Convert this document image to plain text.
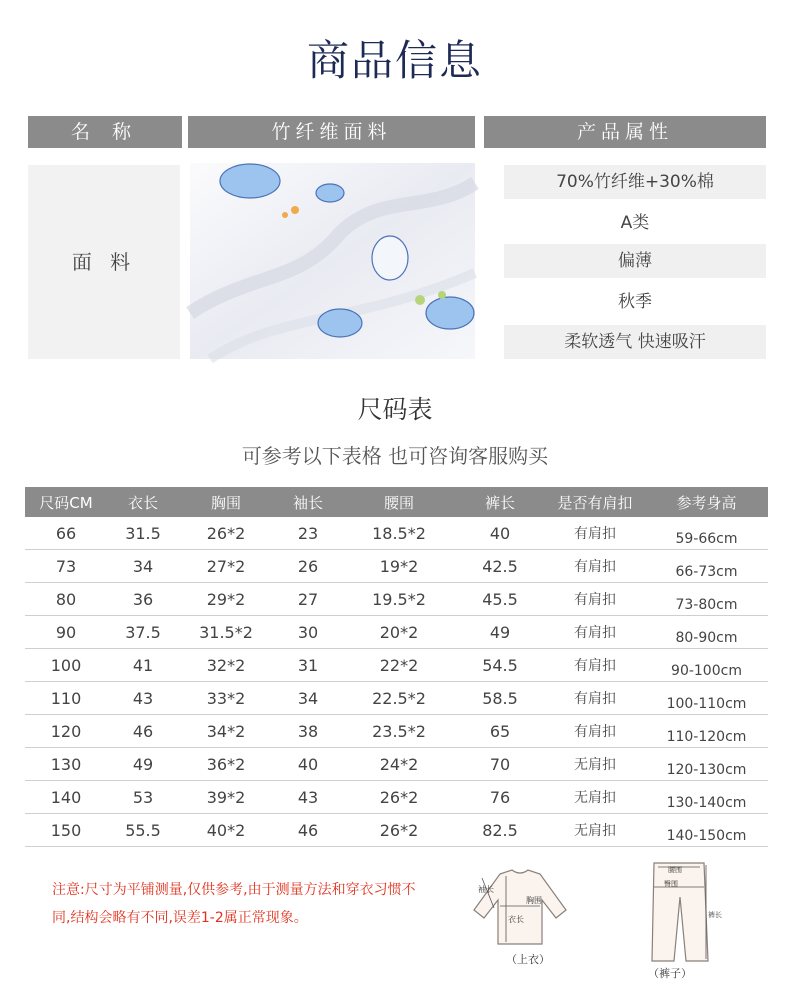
商品信息
名 称	竹纤维面料	产品属性
面 料
70%竹纤维+30%棉
A类
偏薄
秋季
柔软透气 快速吸汗
尺码表
可参考以下表格 也可咨询客服购买
尺码CM	衣长	胸围	袖长	腰围	裤长	是否有肩扣	参考身高
66	31.5	26*2	23	18.5*2	40	有肩扣	59-66cm
73	34	27*2	26	19*2	42.5	有肩扣	66-73cm
80	36	29*2	27	19.5*2	45.5	有肩扣	73-80cm
90	37.5	31.5*2	30	20*2	49	有肩扣	80-90cm
100	41	32*2	31	22*2	54.5	有肩扣	90-100cm
110	43	33*2	34	22.5*2	58.5	有肩扣	100-110cm
120	46	34*2	38	23.5*2	65	有肩扣	110-120cm
130	49	36*2	40	24*2	70	无肩扣	120-130cm
140	53	39*2	43	26*2	76	无肩扣	130-140cm
150	55.5	40*2	46	26*2	82.5	无肩扣	140-150cm
注意:尺寸为平铺测量,仅供参考,由于测量方法和穿衣习惯不同,结构会略有不同,误差1-2属正常现象。
袖长
衣长
胸围
（上衣）
腰围
臀围
裤长
（裤子）
